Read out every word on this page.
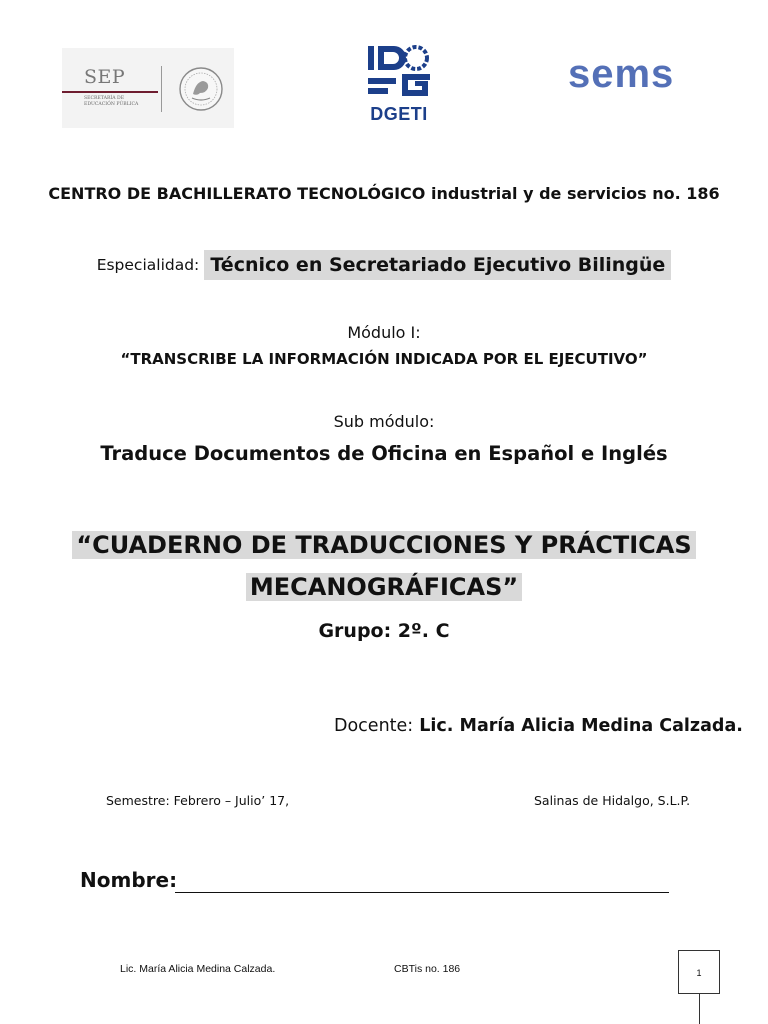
SEP
SECRETARÍA DE
EDUCACIÓN PÚBLICA	DGETI
sems
CENTRO DE BACHILLERATO TECNOLÓGICO industrial y de servicios no. 186
Especialidad: Técnico en Secretariado Ejecutivo Bilingüe
Módulo I:
“TRANSCRIBE LA INFORMACIÓN INDICADA POR EL EJECUTIVO”
Sub módulo:
Traduce Documentos de Oficina en Español e Inglés
“CUADERNO DE TRADUCCIONES Y PRÁCTICAS
MECANOGRÁFICAS”
Grupo: 2º. C
Docente: Lic. María Alicia Medina Calzada.
Semestre: Febrero – Julio’ 17,	Salinas de Hidalgo, S.L.P.
Nombre:
Lic. María Alicia Medina Calzada.	CBTis no. 186	1
